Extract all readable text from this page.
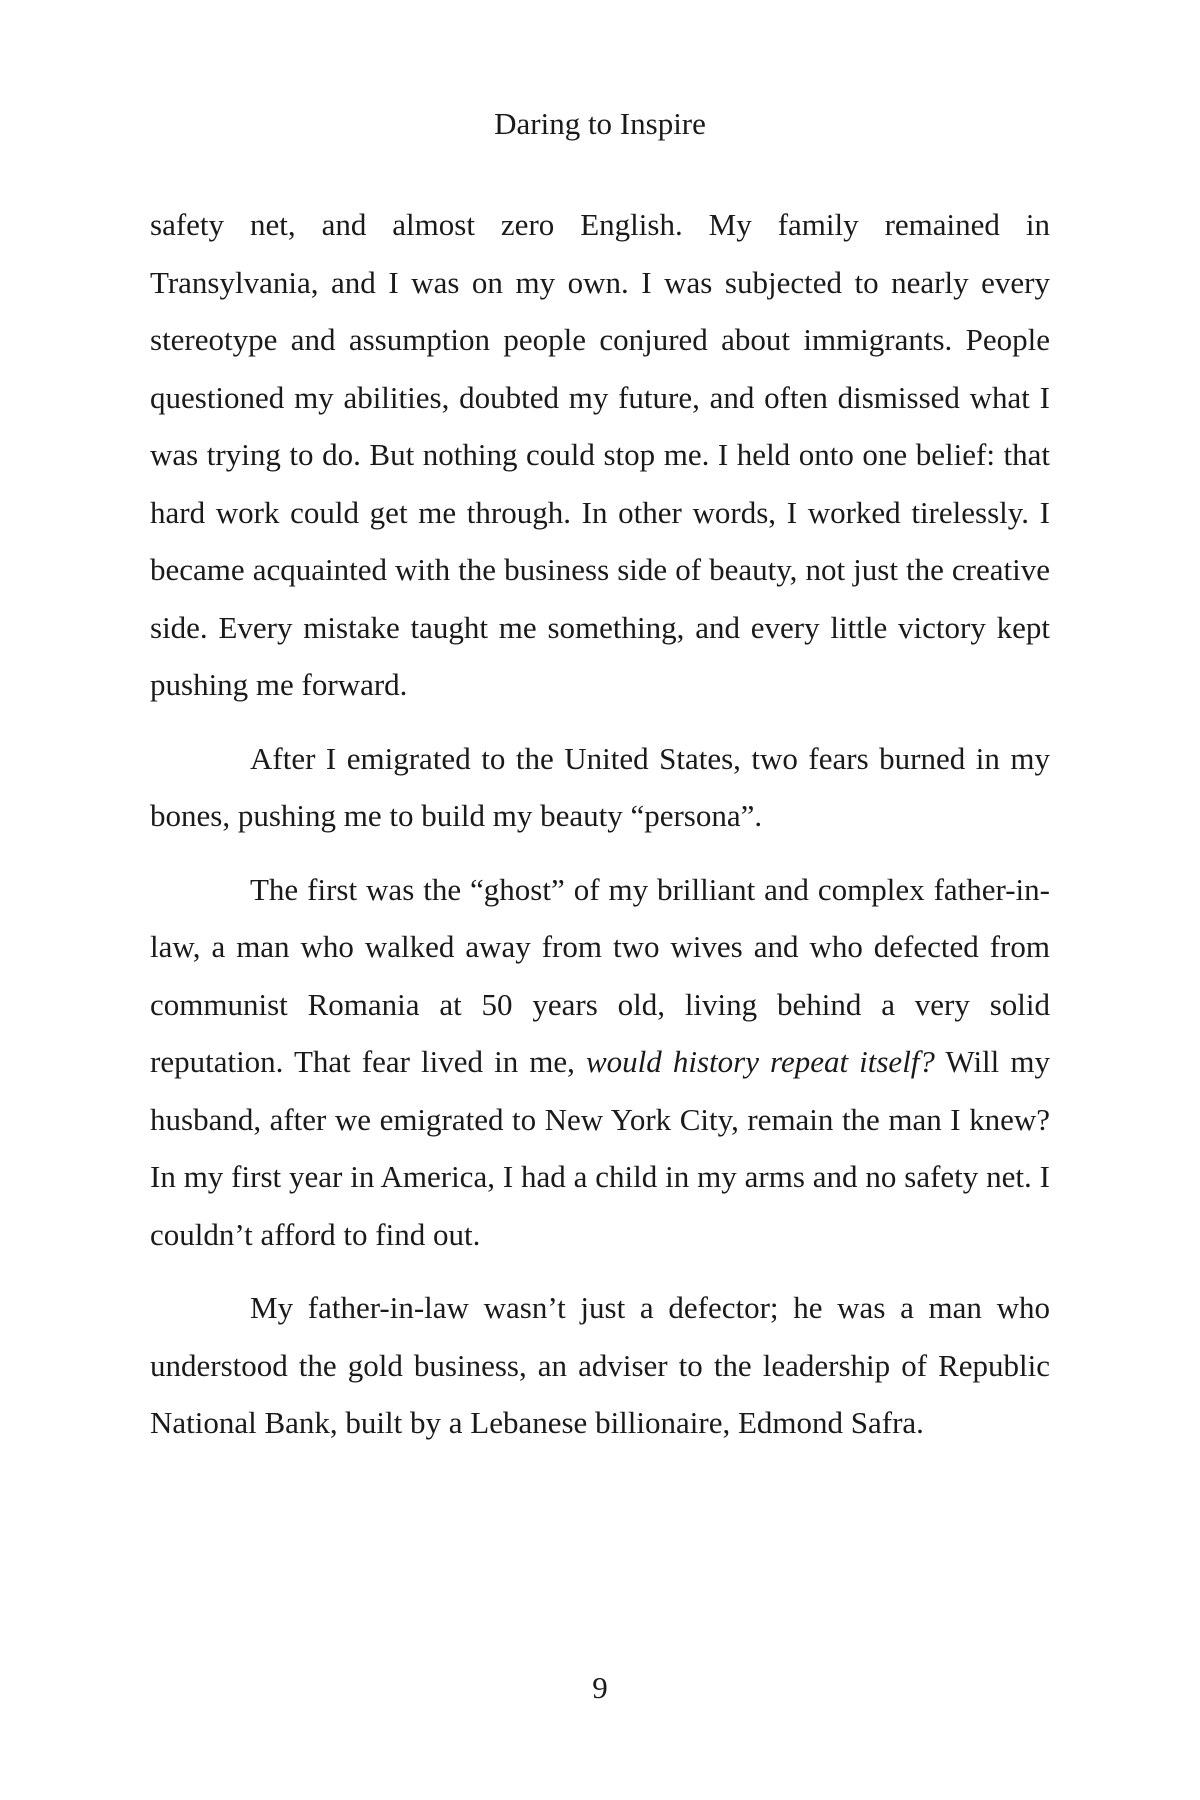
Daring to Inspire

safety net, and almost zero English. My family remained in Transylvania, and I was on my own. I was subjected to nearly every stereotype and assumption people conjured about immigrants. People questioned my abilities, doubted my future, and often dismissed what I was trying to do. But nothing could stop me. I held onto one belief: that hard work could get me through. In other words, I worked tirelessly. I became acquainted with the business side of beauty, not just the creative side. Every mistake taught me something, and every little victory kept pushing me forward.

After I emigrated to the United States, two fears burned in my bones, pushing me to build my beauty “persona”.

The first was the “ghost” of my brilliant and complex father-in-law, a man who walked away from two wives and who defected from communist Romania at 50 years old, living behind a very solid reputation. That fear lived in me, would history repeat itself? Will my husband, after we emigrated to New York City, remain the man I knew? In my first year in America, I had a child in my arms and no safety net. I couldn’t afford to find out.

My father-in-law wasn’t just a defector; he was a man who understood the gold business, an adviser to the leadership of Republic National Bank, built by a Lebanese billionaire, Edmond Safra.

9
